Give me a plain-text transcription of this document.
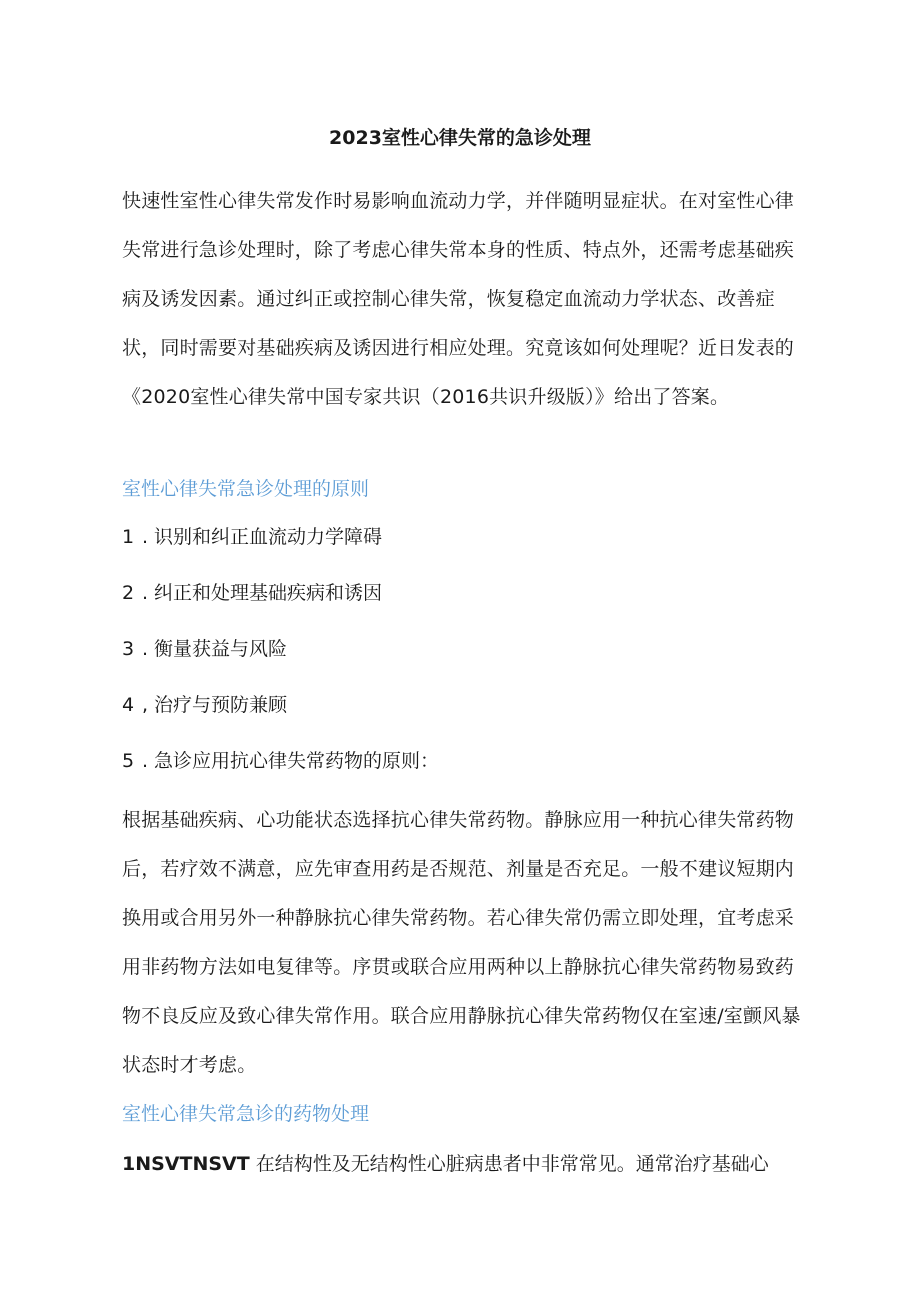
2023室性心律失常的急诊处理

快速性室性心律失常发作时易影响血流动力学，并伴随明显症状。在对室性心律失常进行急诊处理时，除了考虑心律失常本身的性质、特点外，还需考虑基础疾病及诱发因素。通过纠正或控制心律失常，恢复稳定血流动力学状态、改善症状，同时需要对基础疾病及诱因进行相应处理。究竟该如何处理呢？近日发表的《2020室性心律失常中国专家共识（2016共识升级版）》给出了答案。

室性心律失常急诊处理的原则
1 . 识别和纠正血流动力学障碍
2 . 纠正和处理基础疾病和诱因
3 . 衡量获益与风险
4 , 治疗与预防兼顾
5 . 急诊应用抗心律失常药物的原则：

根据基础疾病、心功能状态选择抗心律失常药物。静脉应用一种抗心律失常药物后，若疗效不满意，应先审查用药是否规范、剂量是否充足。一般不建议短期内换用或合用另外一种静脉抗心律失常药物。若心律失常仍需立即处理，宜考虑采用非药物方法如电复律等。序贯或联合应用两种以上静脉抗心律失常药物易致药物不良反应及致心律失常作用。联合应用静脉抗心律失常药物仅在室速/室颤风暴状态时才考虑。

室性心律失常急诊的药物处理

1NSVTNSVT 在结构性及无结构性心脏病患者中非常常见。通常治疗基础心
